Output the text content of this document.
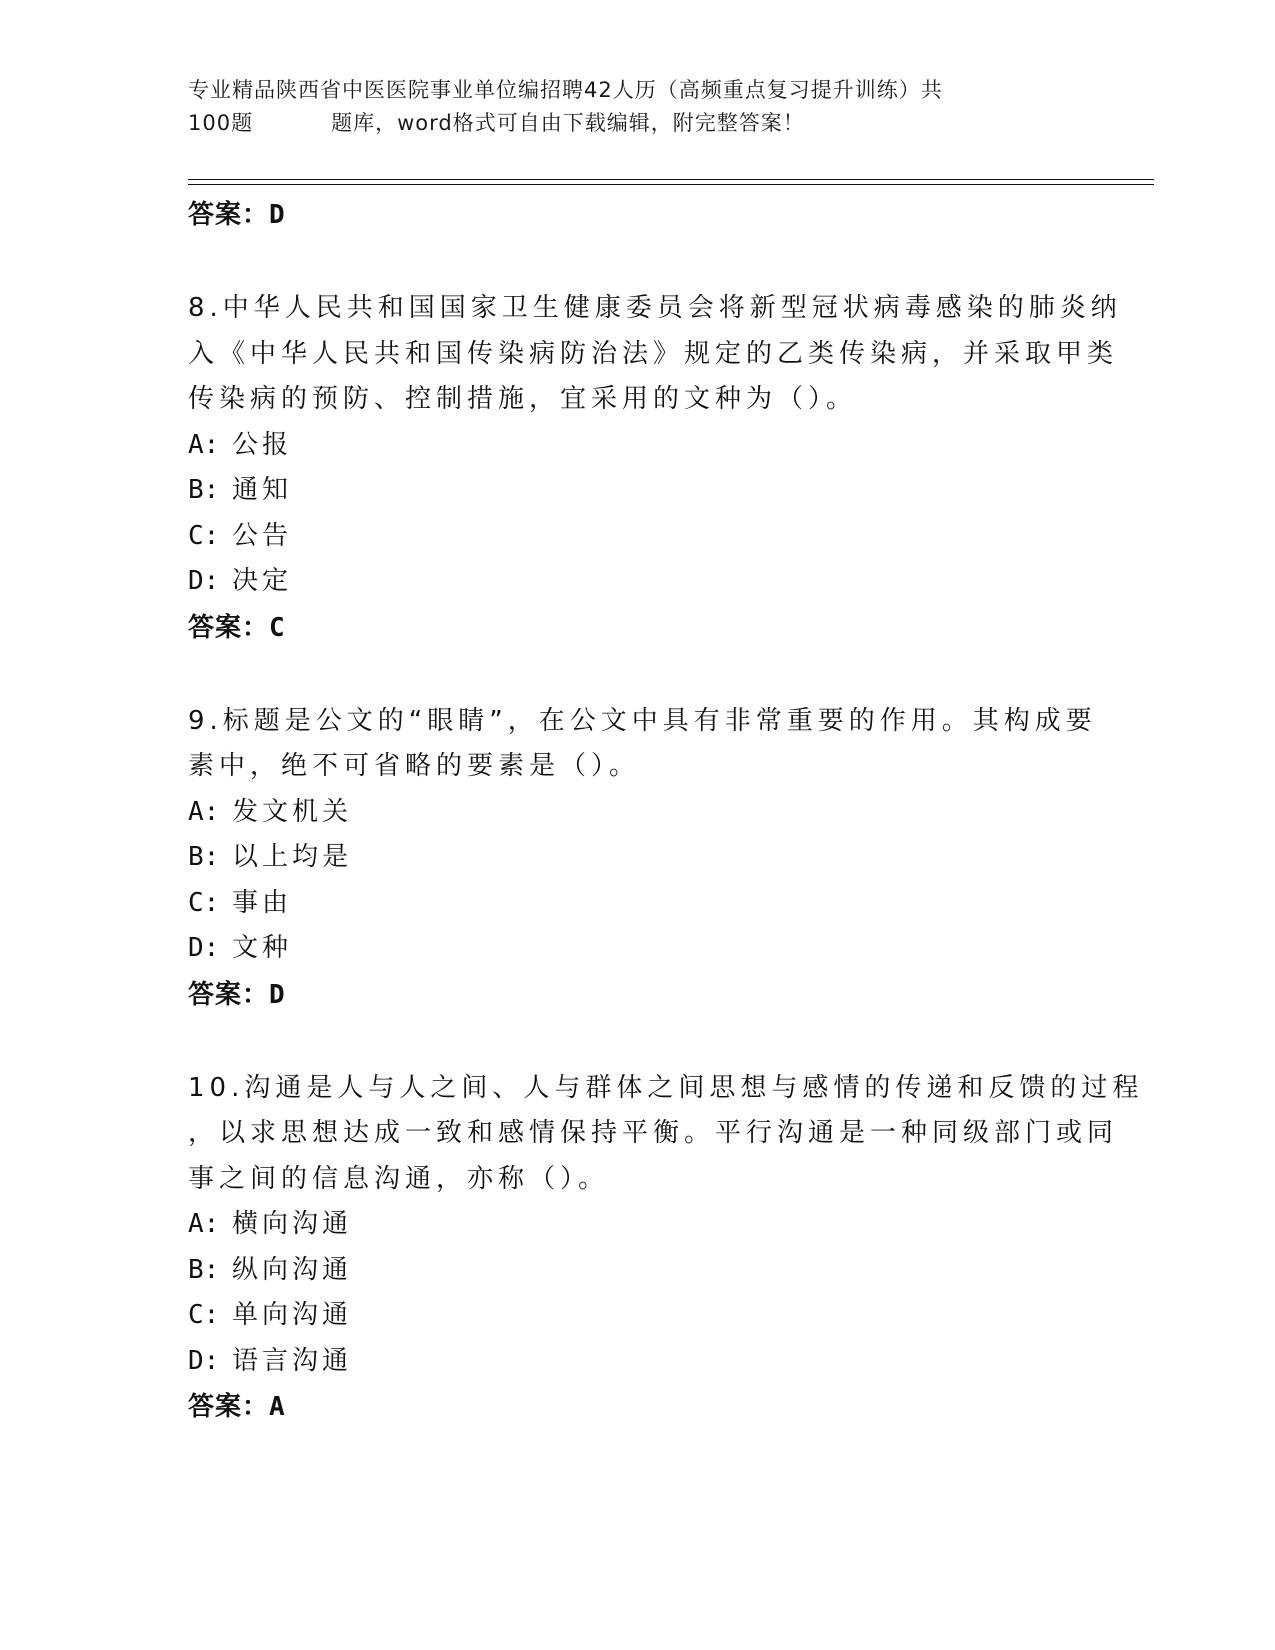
专业精品陕西省中医医院事业单位编招聘42人历（高频重点复习提升训练）共
100题	题库，word格式可自由下载编辑，附完整答案！
答案：D
8.中华人民共和国国家卫生健康委员会将新型冠状病毒感染的肺炎纳
入《中华人民共和国传染病防治法》规定的乙类传染病，并采取甲类
传染病的预防、控制措施，宜采用的文种为（）。
A: 公报
B: 通知
C: 公告
D: 决定
答案：C
9.标题是公文的“眼睛”，在公文中具有非常重要的作用。其构成要
素中，绝不可省略的要素是（）。
A: 发文机关
B: 以上均是
C: 事由
D: 文种
答案：D
10.沟通是人与人之间、人与群体之间思想与感情的传递和反馈的过程
，以求思想达成一致和感情保持平衡。平行沟通是一种同级部门或同
事之间的信息沟通，亦称（）。
A: 横向沟通
B: 纵向沟通
C: 单向沟通
D: 语言沟通
答案：A
